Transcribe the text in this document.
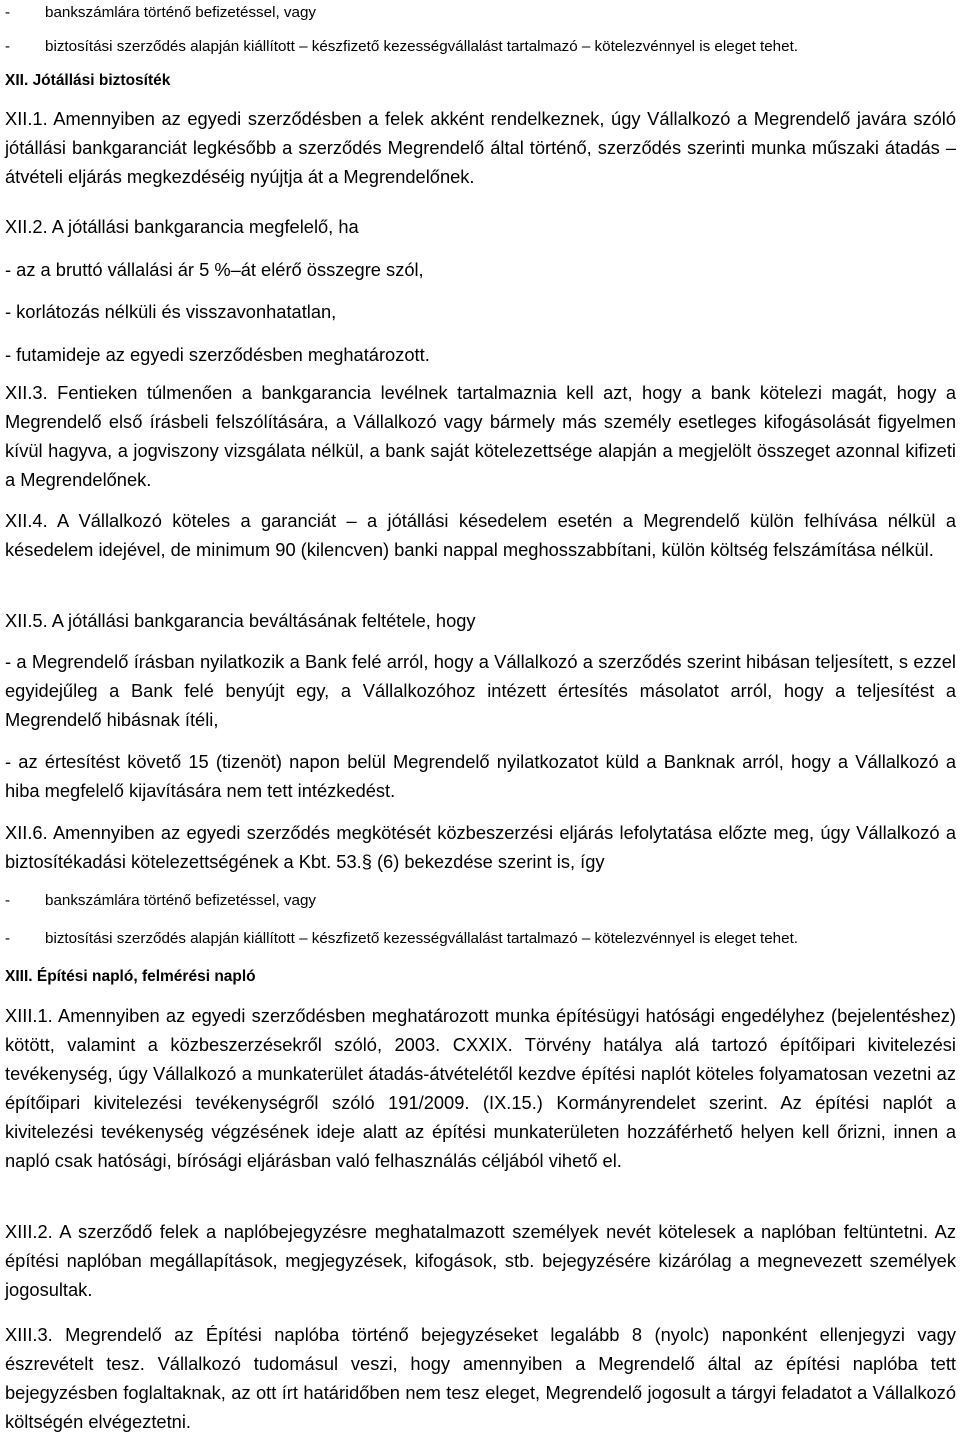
- bankszámlára történő befizetéssel, vagy
- biztosítási szerződés alapján kiállított – készfizető kezességvállalást tartalmazó – kötelezvénnyel is eleget tehet.
XII. Jótállási biztosíték
XII.1. Amennyiben az egyedi szerződésben a felek akként rendelkeznek, úgy Vállalkozó a Megrendelő javára szóló jótállási bankgaranciát legkésőbb a szerződés Megrendelő által történő, szerződés szerinti munka műszaki átadás – átvételi eljárás megkezdéséig nyújtja át a Megrendelőnek.
XII.2. A jótállási bankgarancia megfelelő, ha
- az a bruttó vállalási ár 5 %–át elérő összegre szól,
- korlátozás nélküli és visszavonhatatlan,
- futamideje az egyedi szerződésben meghatározott.
XII.3. Fentieken túlmenően a bankgarancia levélnek tartalmaznia kell azt, hogy a bank kötelezi magát, hogy a Megrendelő első írásbeli felszólítására, a Vállalkozó vagy bármely más személy esetleges kifogásolását figyelmen kívül hagyva, a jogviszony vizsgálata nélkül, a bank saját kötelezettsége alapján a megjelölt összeget azonnal kifizeti a Megrendelőnek.
XII.4. A Vállalkozó köteles a garanciát – a jótállási késedelem esetén a Megrendelő külön felhívása nélkül a késedelem idejével, de minimum 90 (kilencven) banki nappal meghosszabbítani, külön költség felszámítása nélkül.
XII.5. A jótállási bankgarancia beváltásának feltétele, hogy
- a Megrendelő írásban nyilatkozik a Bank felé arról, hogy a Vállalkozó a szerződés szerint hibásan teljesített, s ezzel egyidejűleg a Bank felé benyújt egy, a Vállalkozóhoz intézett értesítés másolatot arról, hogy a teljesítést a Megrendelő hibásnak ítéli,
- az értesítést követő 15 (tizenöt) napon belül Megrendelő nyilatkozatot küld a Banknak arról, hogy a Vállalkozó a hiba megfelelő kijavítására nem tett intézkedést.
XII.6. Amennyiben az egyedi szerződés megkötését közbeszerzési eljárás lefolytatása előzte meg, úgy Vállalkozó a biztosítékadási kötelezettségének a Kbt. 53.§ (6) bekezdése szerint is, így
- bankszámlára történő befizetéssel, vagy
- biztosítási szerződés alapján kiállított – készfizető kezességvállalást tartalmazó – kötelezvénnyel is eleget tehet.
XIII. Építési napló, felmérési napló
XIII.1. Amennyiben az egyedi szerződésben meghatározott munka építésügyi hatósági engedélyhez (bejelentéshez) kötött, valamint a közbeszerzésekről szóló, 2003. CXXIX. Törvény hatálya alá tartozó építőipari kivitelezési tevékenység, úgy Vállalkozó a munkaterület átadás-átvételétől kezdve építési naplót köteles folyamatosan vezetni az építőipari kivitelezési tevékenységről szóló 191/2009. (IX.15.) Kormányrendelet szerint. Az építési naplót a kivitelezési tevékenység végzésének ideje alatt az építési munkaterületen hozzáférhető helyen kell őrizni, innen a napló csak hatósági, bírósági eljárásban való felhasználás céljából vihető el.
XIII.2. A szerződő felek a naplóbejegyzésre meghatalmazott személyek nevét kötelesek a naplóban feltüntetni. Az építési naplóban megállapítások, megjegyzések, kifogások, stb. bejegyzésére kizárólag a megnevezett személyek jogosultak.
XIII.3. Megrendelő az Építési naplóba történő bejegyzéseket legalább 8 (nyolc) naponként ellenjegyzi vagy észrevételt tesz. Vállalkozó tudomásul veszi, hogy amennyiben a Megrendelő által az építési naplóba tett bejegyzésben foglaltaknak, az ott írt határidőben nem tesz eleget, Megrendelő jogosult a tárgyi feladatot a Vállalkozó költségén elvégeztetni.
